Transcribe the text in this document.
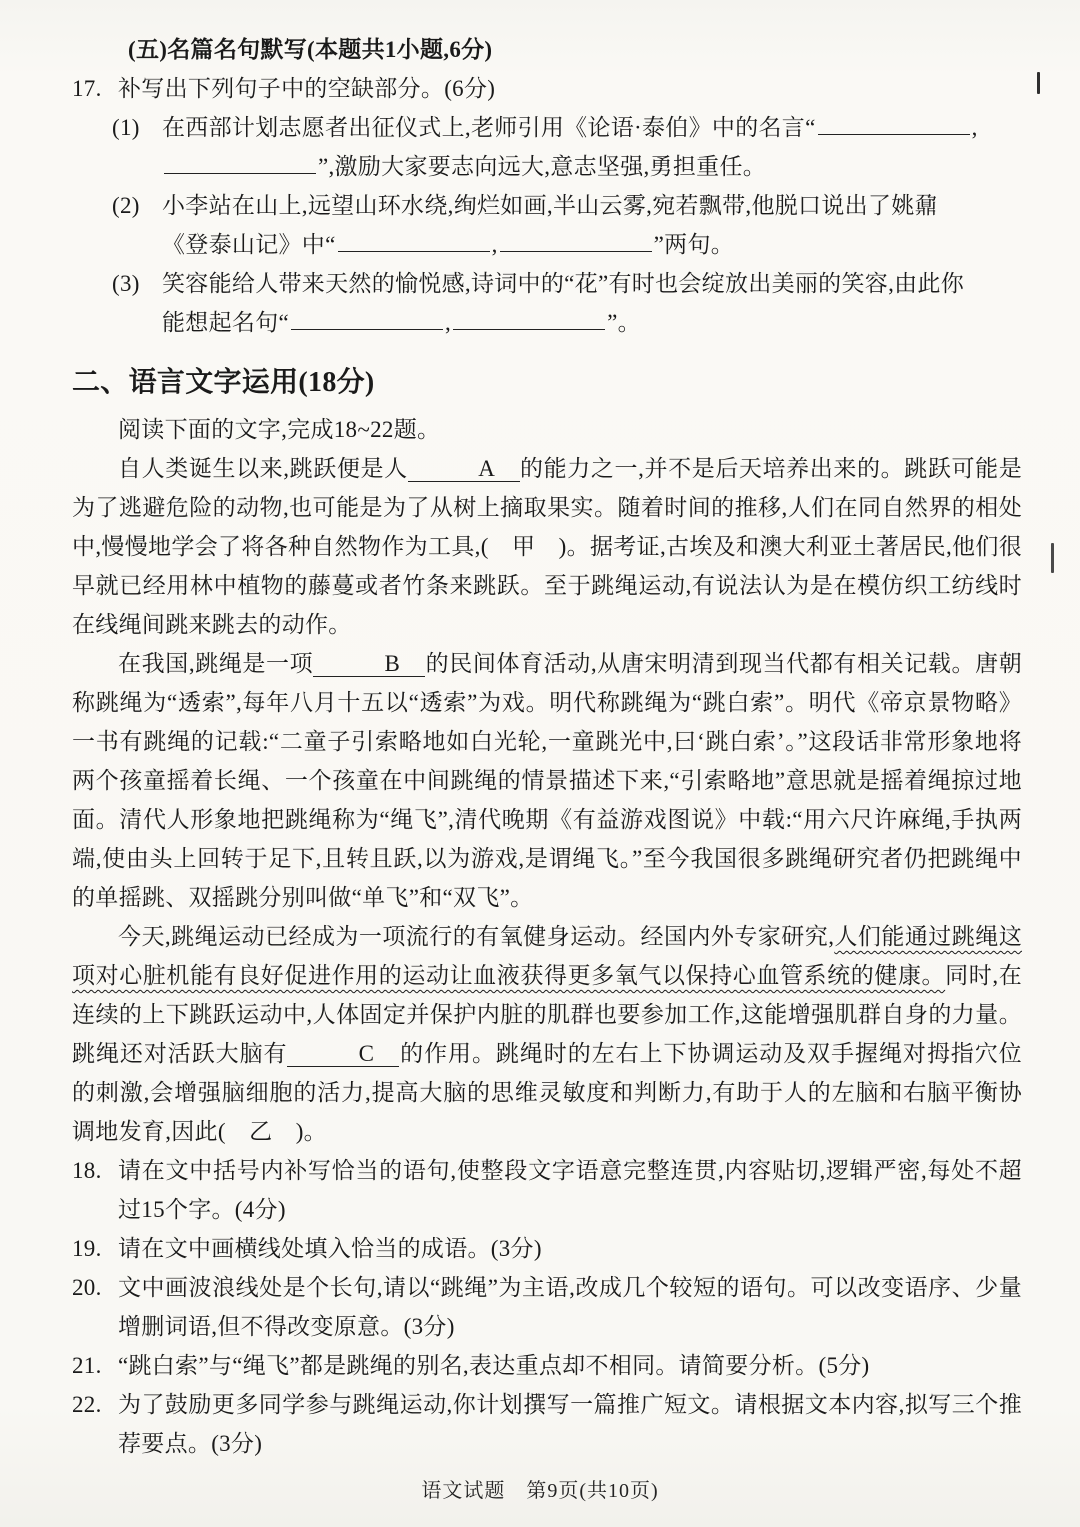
(五)名篇名句默写(本题共1小题,6分)
17. 补写出下列句子中的空缺部分。(6分)
(1) 在西部计划志愿者出征仪式上,老师引用《论语·泰伯》中的名言“	,
”,激励大家要志向远大,意志坚强,勇担重任。
(2) 小李站在山上,远望山环水绕,绚烂如画,半山云雾,宛若飘带,他脱口说出了姚鼐
《登泰山记》中“	,	”两句。
(3) 笑容能给人带来天然的愉悦感,诗词中的“花”有时也会绽放出美丽的笑容,由此你
能想起名句“	,	”。
二、语言文字运用(18分)
阅读下面的文字,完成18~22题。
自人类诞生以来,跳跃便是人	A 的能力之一,并不是后天培养出来的。跳跃可能是为了逃避危险的动物,也可能是为了从树上摘取果实。随着时间的推移,人们在同自然界的相处中,慢慢地学会了将各种自然物作为工具,(　甲　)。据考证,古埃及和澳大利亚土著居民,他们很早就已经用林中植物的藤蔓或者竹条来跳跃。至于跳绳运动,有说法认为是在模仿织工纺线时在线绳间跳来跳去的动作。
在我国,跳绳是一项	B 的民间体育活动,从唐宋明清到现当代都有相关记载。唐朝称跳绳为“透索”,每年八月十五以“透索”为戏。明代称跳绳为“跳白索”。明代《帝京景物略》一书有跳绳的记载:“二童子引索略地如白光轮,一童跳光中,曰‘跳白索’。”这段话非常形象地将两个孩童摇着长绳、一个孩童在中间跳绳的情景描述下来,“引索略地”意思就是摇着绳掠过地面。清代人形象地把跳绳称为“绳飞”,清代晚期《有益游戏图说》中载:“用六尺许麻绳,手执两端,使由头上回转于足下,且转且跃,以为游戏,是谓绳飞。”至今我国很多跳绳研究者仍把跳绳中的单摇跳、双摇跳分别叫做“单飞”和“双飞”。
今天,跳绳运动已经成为一项流行的有氧健身运动。经国内外专家研究,人们能通过跳绳这项对心脏机能有良好促进作用的运动让血液获得更多氧气以保持心血管系统的健康。同时,在连续的上下跳跃运动中,人体固定并保护内脏的肌群也要参加工作,这能增强肌群自身的力量。跳绳还对活跃大脑有	C 的作用。跳绳时的左右上下协调运动及双手握绳对拇指穴位的刺激,会增强脑细胞的活力,提高大脑的思维灵敏度和判断力,有助于人的左脑和右脑平衡协调地发育,因此(　乙　)。
18. 请在文中括号内补写恰当的语句,使整段文字语意完整连贯,内容贴切,逻辑严密,每处不超过15个字。(4分)
19. 请在文中画横线处填入恰当的成语。(3分)
20. 文中画波浪线处是个长句,请以“跳绳”为主语,改成几个较短的语句。可以改变语序、少量增删词语,但不得改变原意。(3分)
21. “跳白索”与“绳飞”都是跳绳的别名,表达重点却不相同。请简要分析。(5分)
22. 为了鼓励更多同学参与跳绳运动,你计划撰写一篇推广短文。请根据文本内容,拟写三个推荐要点。(3分)
语文试题　第9页(共10页)
